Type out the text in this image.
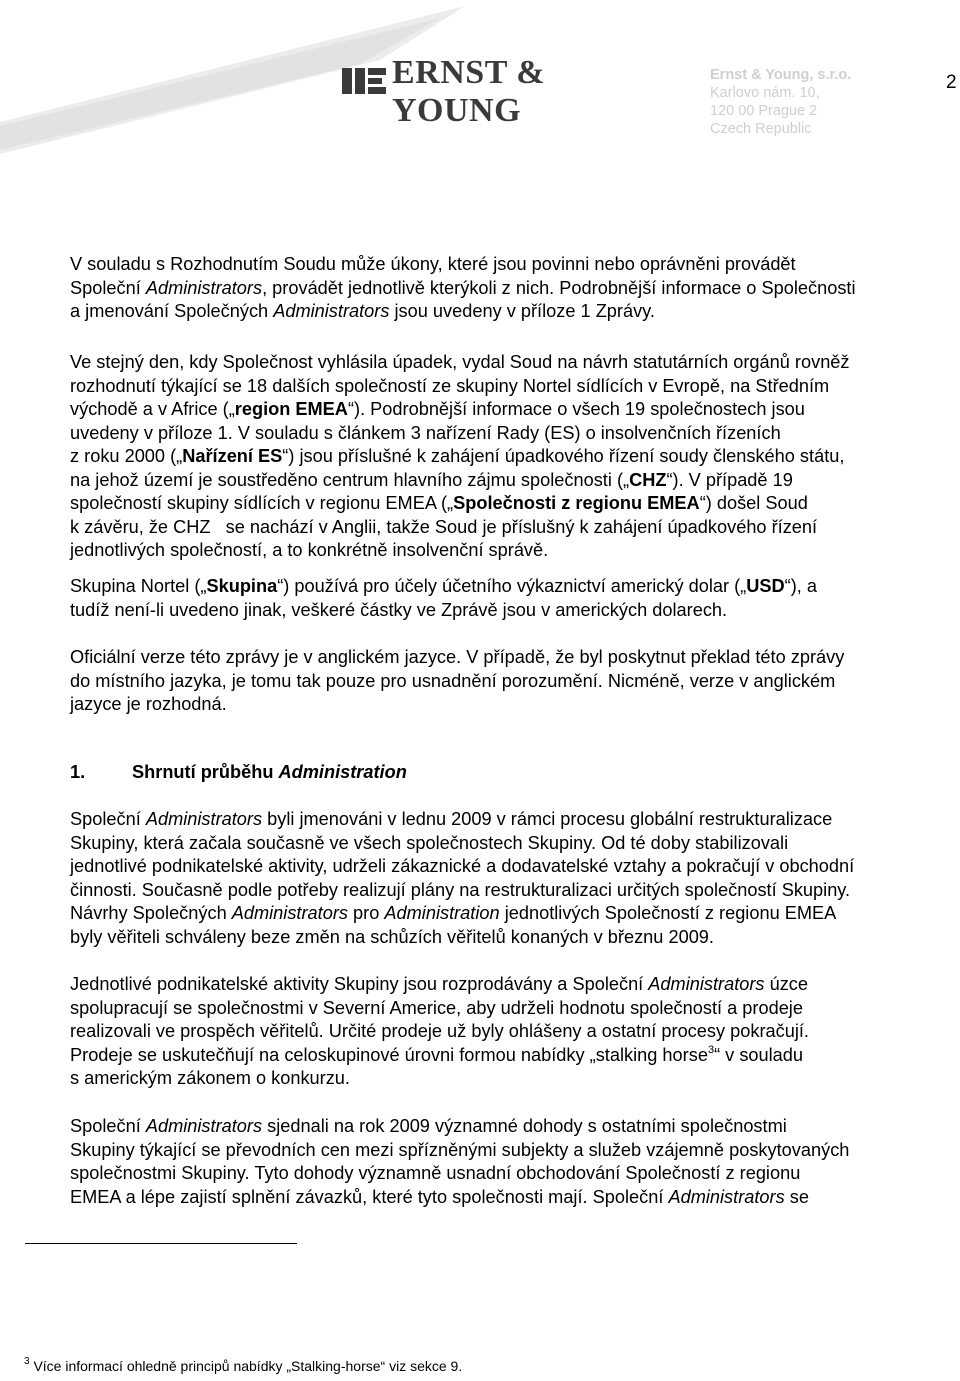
ERNST & YOUNG
Ernst & Young, s.r.o.
Karlovo nám. 10,
120 00 Prague 2
Czech Republic
2

V souladu s Rozhodnutím Soudu může úkony, které jsou povinni nebo oprávněni provádět
Společní Administrators, provádět jednotlivě kterýkoli z nich. Podrobnější informace o Společnosti
a jmenování Společných Administrators jsou uvedeny v příloze 1 Zprávy.

Ve stejný den, kdy Společnost vyhlásila úpadek, vydal Soud na návrh statutárních orgánů rovněž
rozhodnutí týkající se 18 dalších společností ze skupiny Nortel sídlících v Evropě, na Středním
východě a v Africe („region EMEA“). Podrobnější informace o všech 19 společnostech jsou
uvedeny v příloze 1. V souladu s článkem 3 nařízení Rady (ES) o insolvenčních řízeních
z roku 2000 („Nařízení ES“) jsou příslušné k zahájení úpadkového řízení soudy členského státu,
na jehož území je soustředěno centrum hlavního zájmu společnosti („CHZ“). V případě 19
společností skupiny sídlících v regionu EMEA („Společnosti z regionu EMEA“) došel Soud
k závěru, že CHZ   se nachází v Anglii, takže Soud je příslušný k zahájení úpadkového řízení
jednotlivých společností, a to konkrétně insolvenční správě.

Skupina Nortel („Skupina“) používá pro účely účetního výkaznictví americký dolar („USD“), a
tudíž není-li uvedeno jinak, veškeré částky ve Zprávě jsou v amerických dolarech.

Oficiální verze této zprávy je v anglickém jazyce. V případě, že byl poskytnut překlad této zprávy
do místního jazyka, je tomu tak pouze pro usnadnění porozumění. Nicméně, verze v anglickém
jazyce je rozhodná.

1.	Shrnutí průběhu Administration

Společní Administrators byli jmenováni v lednu 2009 v rámci procesu globální restrukturalizace
Skupiny, která začala současně ve všech společnostech Skupiny. Od té doby stabilizovali
jednotlivé podnikatelské aktivity, udrželi zákaznické a dodavatelské vztahy a pokračují v obchodní
činnosti. Současně podle potřeby realizují plány na restrukturalizaci určitých společností Skupiny.
Návrhy Společných Administrators pro Administration jednotlivých Společností z regionu EMEA
byly věřiteli schváleny beze změn na schůzích věřitelů konaných v březnu 2009.

Jednotlivé podnikatelské aktivity Skupiny jsou rozprodávány a Společní Administrators úzce
spolupracují se společnostmi v Severní Americe, aby udrželi hodnotu společností a prodeje
realizovali ve prospěch věřitelů. Určité prodeje už byly ohlášeny a ostatní procesy pokračují.
Prodeje se uskutečňují na celoskupinové úrovni formou nabídky „stalking horse$^3$“ v souladu
s americkým zákonem o konkurzu.

Společní Administrators sjednali na rok 2009 významné dohody s ostatními společnostmi
Skupiny týkající se převodních cen mezi spřízněnými subjekty a služeb vzájemně poskytovaných
společnostmi Skupiny. Tyto dohody významně usnadní obchodování Společností z regionu
EMEA a lépe zajistí splnění závazků, které tyto společnosti mají. Společní Administrators se

$^3$ Více informací ohledně principů nabídky „Stalking-horse“ viz sekce 9.
